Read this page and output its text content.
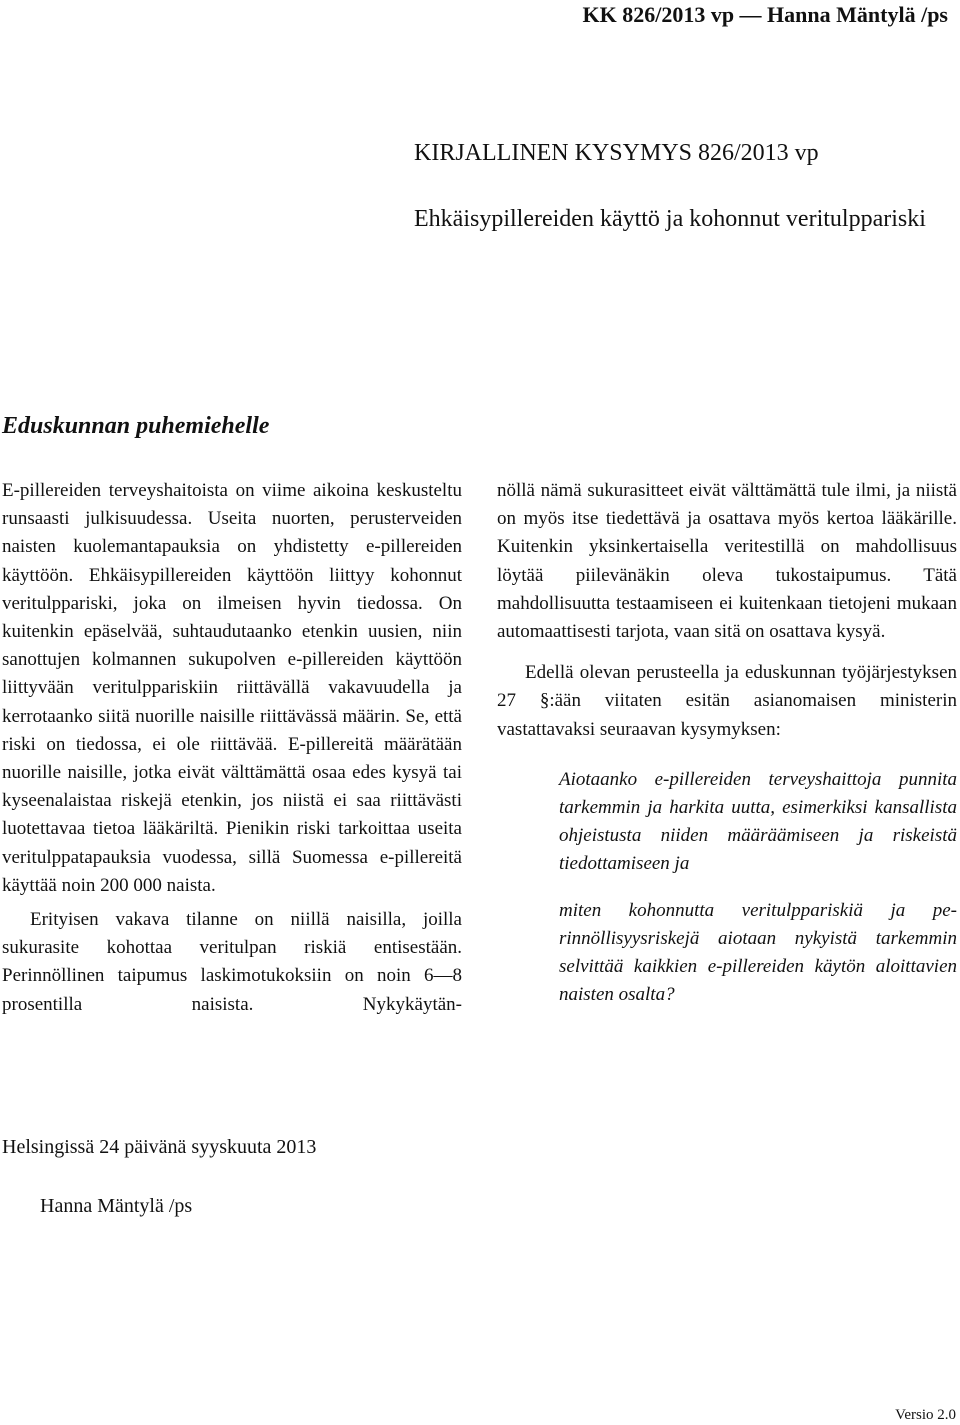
KK 826/2013 vp — Hanna Mäntylä /ps
KIRJALLINEN KYSYMYS 826/2013 vp
Ehkäisypillereiden käyttö ja kohonnut veritulppariski
Eduskunnan puhemiehelle

E-pillereiden terveyshaitoista on viime aikoina keskusteltu runsaasti julkisuudessa. Useita nuorten, perusterveiden naisten kuolemantapauksia on yhdistetty e-pillereiden käyttöön. Ehkäisypillereiden käyttöön liittyy kohonnut veritulppariski, joka on ilmeisen hyvin tiedossa. On kuitenkin epäselvää, suhtaudutaanko etenkin uusien, niin sanottujen kolmannen sukupolven e-pillereiden käyttöön liittyvään veritulppariskiin riittävällä vakavuudella ja kerrotaanko siitä nuorille naisille riittävässä määrin. Se, että riski on tiedossa, ei ole riittävää. E-pillereitä määrätään nuorille naisille, jotka eivät välttämättä osaa edes kysyä tai kyseenalaistaa riskejä etenkin, jos niistä ei saa riittävästi luotettavaa tietoa lääkäriltä. Pienikin riski tarkoittaa useita veritulppatapauksia vuodessa, sillä Suomessa e-pillereitä käyttää noin 200 000 naista.

Erityisen vakava tilanne on niillä naisilla, joilla sukurasite kohottaa veritulpan riskiä entisestään. Perinnöllinen taipumus laskimotukoksiin on noin 6—8 prosentilla naisista. Nykykäytän-

nöllä nämä sukurasitteet eivät välttämättä tule ilmi, ja niistä on myös itse tiedettävä ja osattava myös kertoa lääkärille. Kuitenkin yksinkertaisella veritestillä on mahdollisuus löytää piilevänäkin oleva tukostaipumus. Tätä mahdollisuutta testaamiseen ei kuitenkaan tietojeni mukaan automaattisesti tarjota, vaan sitä on osattava kysyä.

Edellä olevan perusteella ja eduskunnan työjärjestyksen 27 §:ään viitaten esitän asianomaisen ministerin vastattavaksi seuraavan kysymyksen:

Aiotaanko e-pillereiden terveyshaittoja punnita tarkemmin ja harkita uutta, esimerkiksi kansallista ohjeistusta niiden määräämiseen ja riskeistä tiedottamiseen ja

miten kohonnutta veritulppariskiä ja perinnöllisyysriskejä aiotaan nykyistä tarkemmin selvittää kaikkien e-pillereiden käytön aloittavien naisten osalta?

Helsingissä 24 päivänä syyskuuta 2013
Hanna Mäntylä /ps
Versio 2.0
